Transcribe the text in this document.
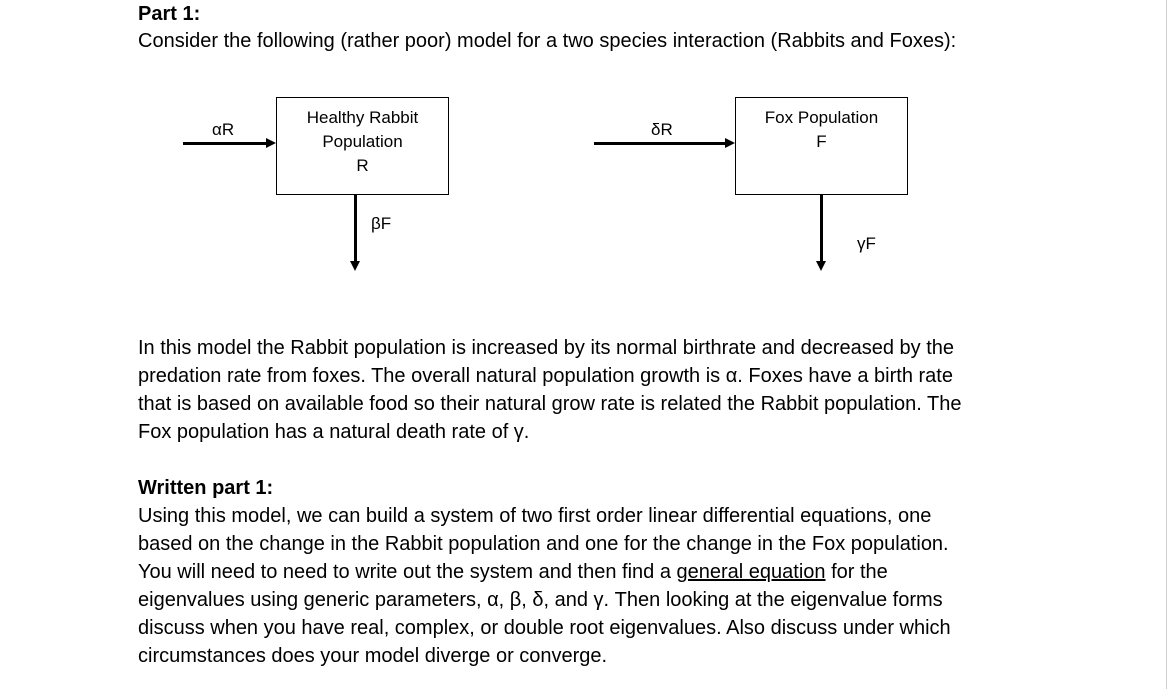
Part 1:
Consider the following (rather poor) model for a two species interaction (Rabbits and Foxes):
Healthy Rabbit
Population
R
αR
βF
Fox Population
F
δR
γF
In this model the Rabbit population is increased by its normal birthrate and decreased by the
predation rate from foxes. The overall natural population growth is α. Foxes have a birth rate
that is based on available food so their natural grow rate is related the Rabbit population. The
Fox population has a natural death rate of γ.
Written part 1:
Using this model, we can build a system of two first order linear differential equations, one
based on the change in the Rabbit population and one for the change in the Fox population.
You will need to need to write out the system and then find a general equation for the
eigenvalues using generic parameters, α, β, δ, and γ. Then looking at the eigenvalue forms
discuss when you have real, complex, or double root eigenvalues. Also discuss under which
circumstances does your model diverge or converge.
